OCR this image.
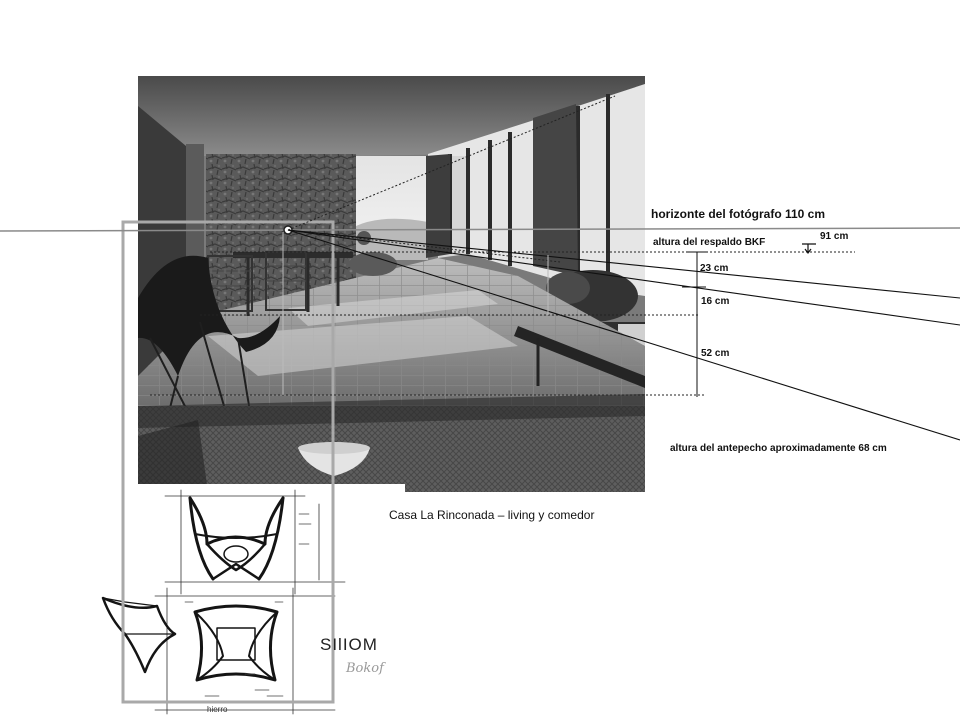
horizonte del fotógrafo 110 cm
altura del respaldo BKF
91 cm
23 cm
16 cm
52 cm
altura del antepecho aproximadamente 68 cm
Casa La Rinconada – living y comedor
SIlIOM
Bokof
hierro
